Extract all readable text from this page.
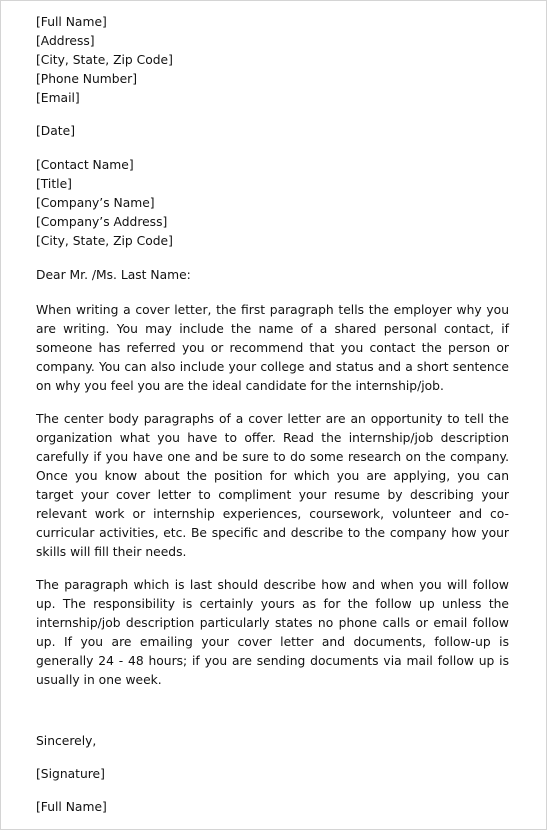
[Full Name]
[Address]
[City, State, Zip Code]
[Phone Number]
[Email]
[Date]
[Contact Name]
[Title]
[Company’s Name]
[Company’s Address]
[City, State, Zip Code]
Dear Mr. /Ms. Last Name:

When writing a cover letter, the first paragraph tells the employer why you are writing. You may include the name of a shared personal contact, if someone has referred you or recommend that you contact the person or company. You can also include your college and status and a short sentence on why you feel you are the ideal candidate for the internship/job.

The center body paragraphs of a cover letter are an opportunity to tell the organization what you have to offer. Read the internship/job description carefully if you have one and be sure to do some research on the company. Once you know about the position for which you are applying, you can target your cover letter to compliment your resume by describing your relevant work or internship experiences, coursework, volunteer and co-curricular activities, etc. Be specific and describe to the company how your skills will fill their needs.

The paragraph which is last should describe how and when you will follow up. The responsibility is certainly yours as for the follow up unless the internship/job description particularly states no phone calls or email follow up. If you are emailing your cover letter and documents, follow-up is generally 24 - 48 hours; if you are sending documents via mail follow up is usually in one week.

Sincerely,
[Signature]
[Full Name]
